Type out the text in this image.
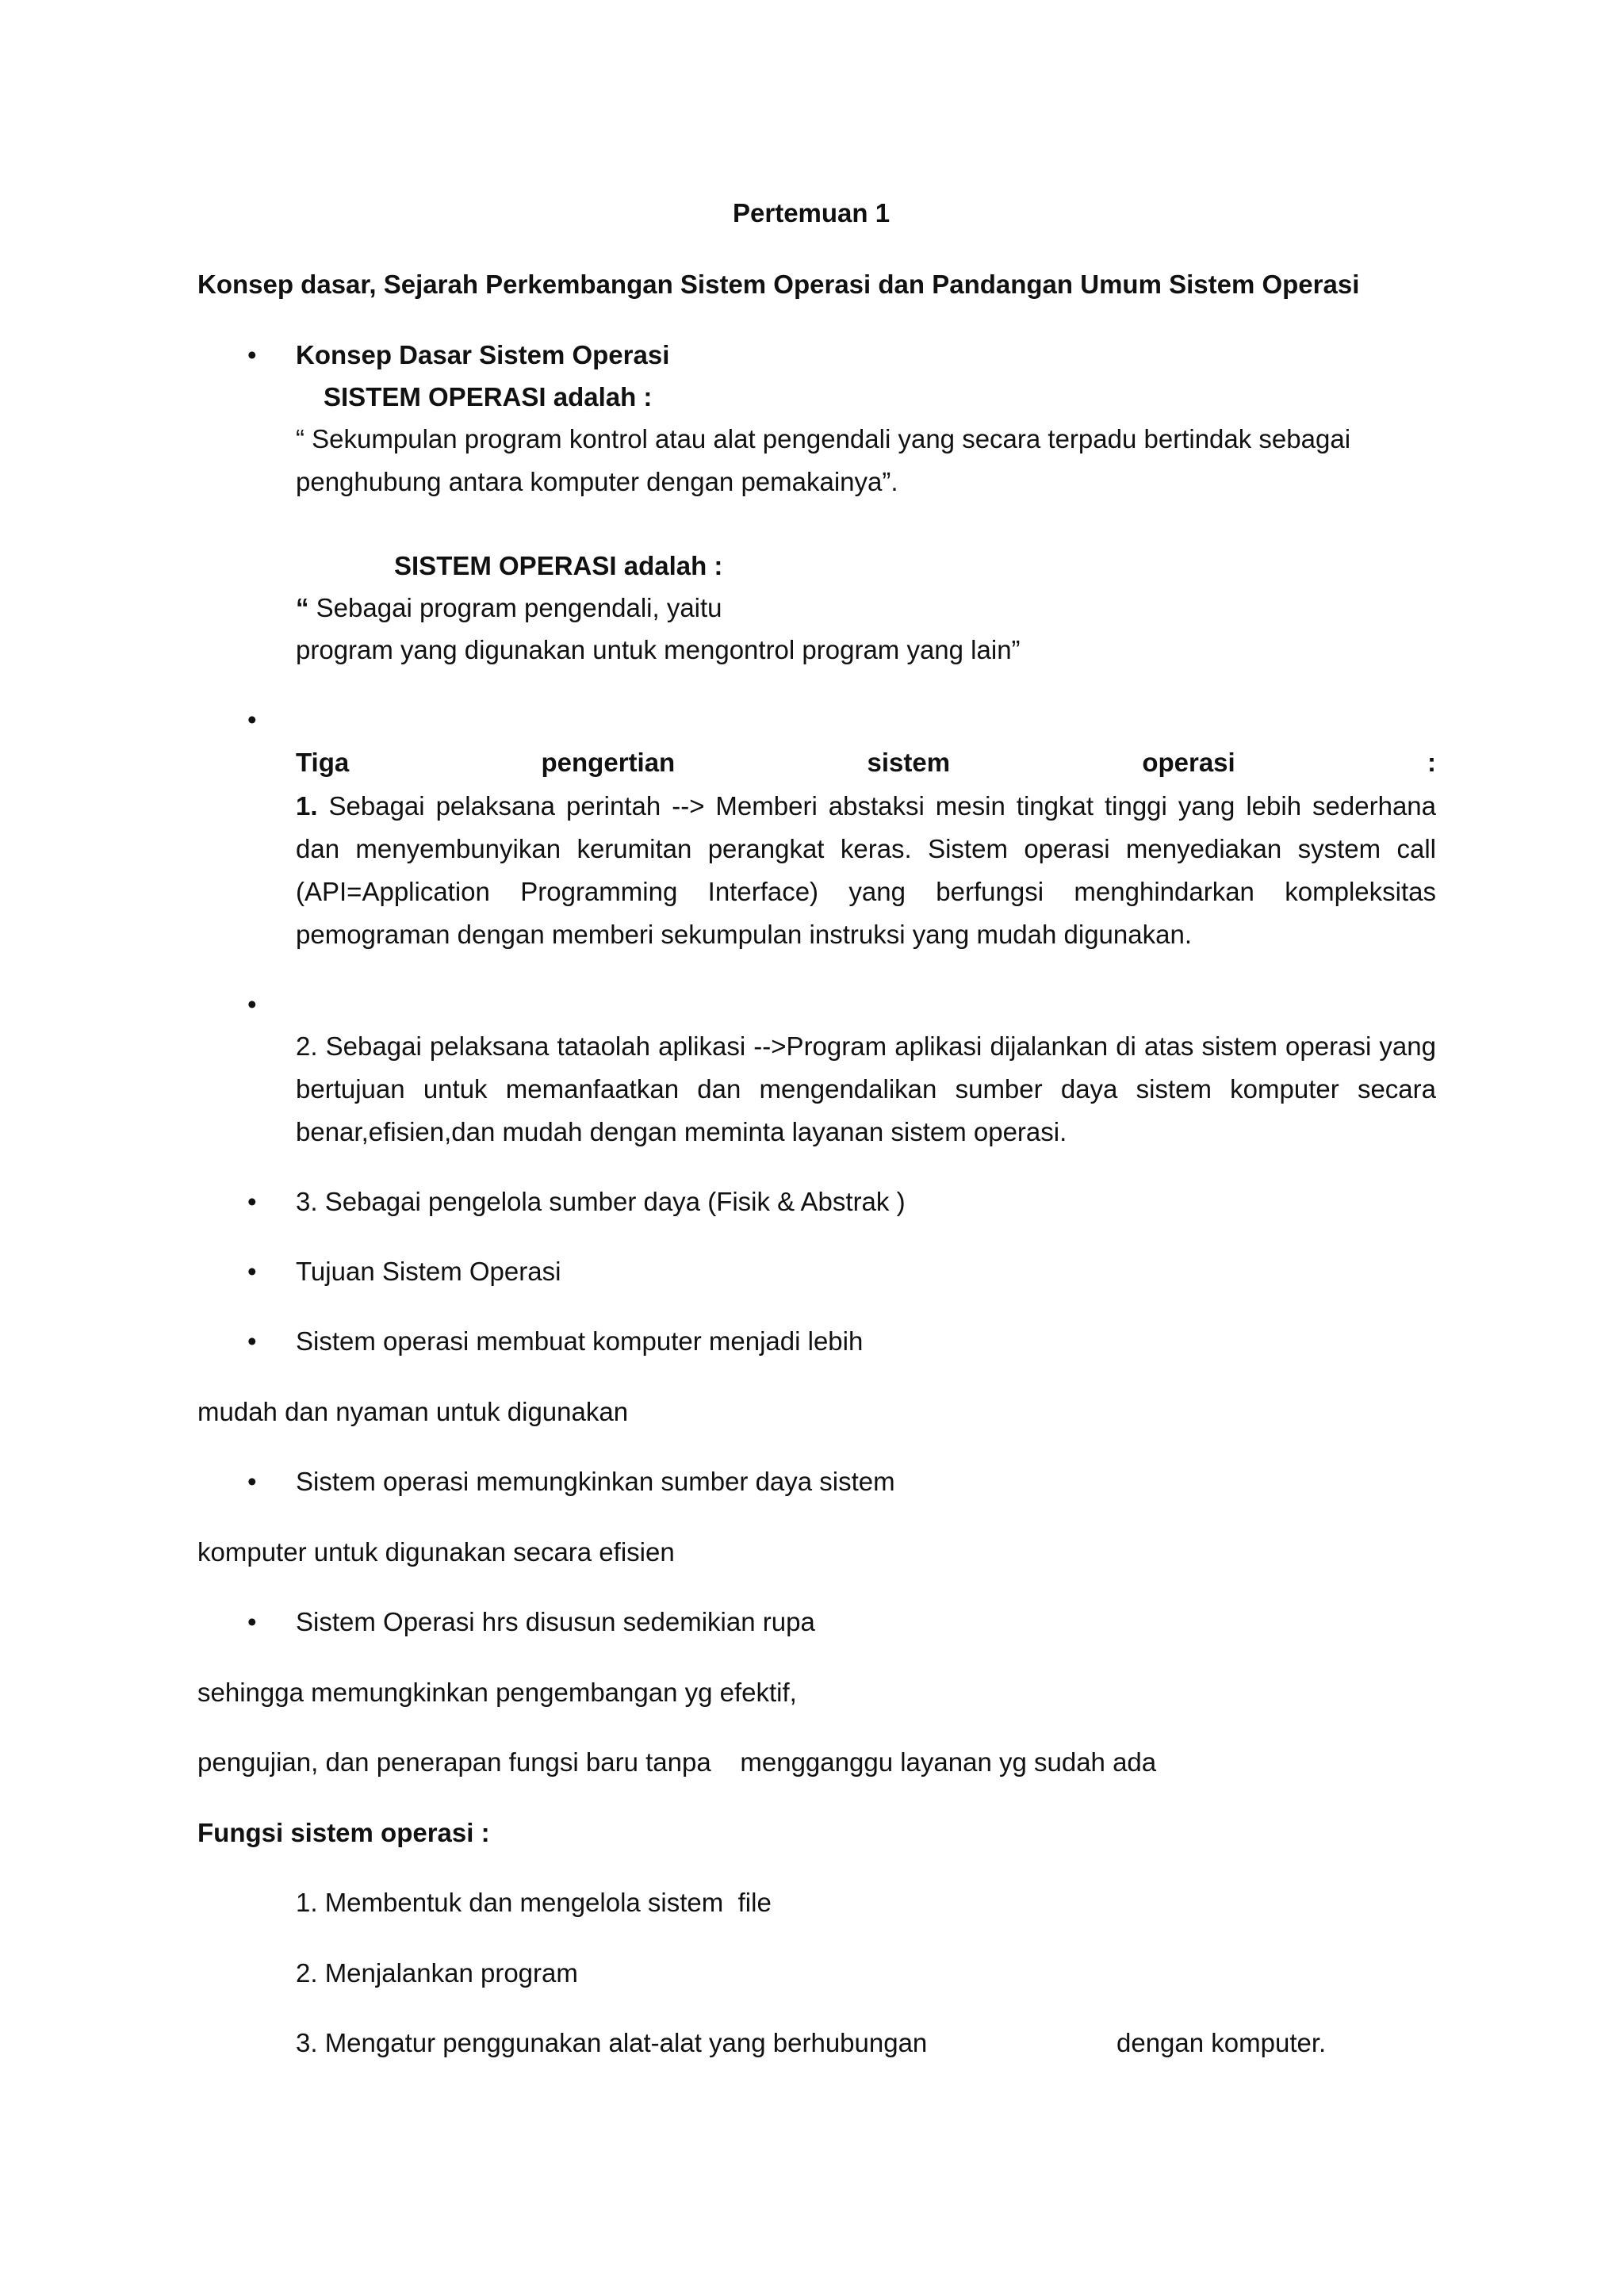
Pertemuan 1

Konsep dasar, Sejarah Perkembangan Sistem Operasi dan Pandangan Umum Sistem Operasi

• Konsep Dasar Sistem Operasi

SISTEM OPERASI adalah :

“ Sekumpulan program kontrol atau alat pengendali yang secara terpadu bertindak sebagai

penghubung antara komputer dengan pemakainya”.

SISTEM OPERASI adalah :

“ Sebagai program pengendali, yaitu

program yang digunakan untuk mengontrol program yang lain”

•

Tiga	pengertian	sistem	operasi	:

1. Sebagai pelaksana perintah --> Memberi abstaksi mesin tingkat tinggi yang lebih sederhana dan menyembunyikan kerumitan perangkat keras. Sistem operasi menyediakan system call (API=Application Programming Interface) yang berfungsi menghindarkan kompleksitas pemograman dengan memberi sekumpulan instruksi yang mudah digunakan.

•

2. Sebagai pelaksana tataolah aplikasi -->Program aplikasi dijalankan di atas sistem operasi yang bertujuan untuk memanfaatkan dan mengendalikan sumber daya sistem komputer secara benar,efisien,dan mudah dengan meminta layanan sistem operasi.

• 3. Sebagai pengelola sumber daya (Fisik & Abstrak )

• Tujuan Sistem Operasi

• Sistem operasi membuat komputer menjadi lebih

mudah dan nyaman untuk digunakan

• Sistem operasi memungkinkan sumber daya sistem

komputer untuk digunakan secara efisien

• Sistem Operasi hrs disusun sedemikian rupa

sehingga memungkinkan pengembangan yg efektif,

pengujian, dan penerapan fungsi baru tanpa    mengganggu layanan yg sudah ada

Fungsi sistem operasi :

1. Membentuk dan mengelola sistem  file

2. Menjalankan program

3. Mengatur penggunakan alat-alat yang berhubungan	dengan komputer.
